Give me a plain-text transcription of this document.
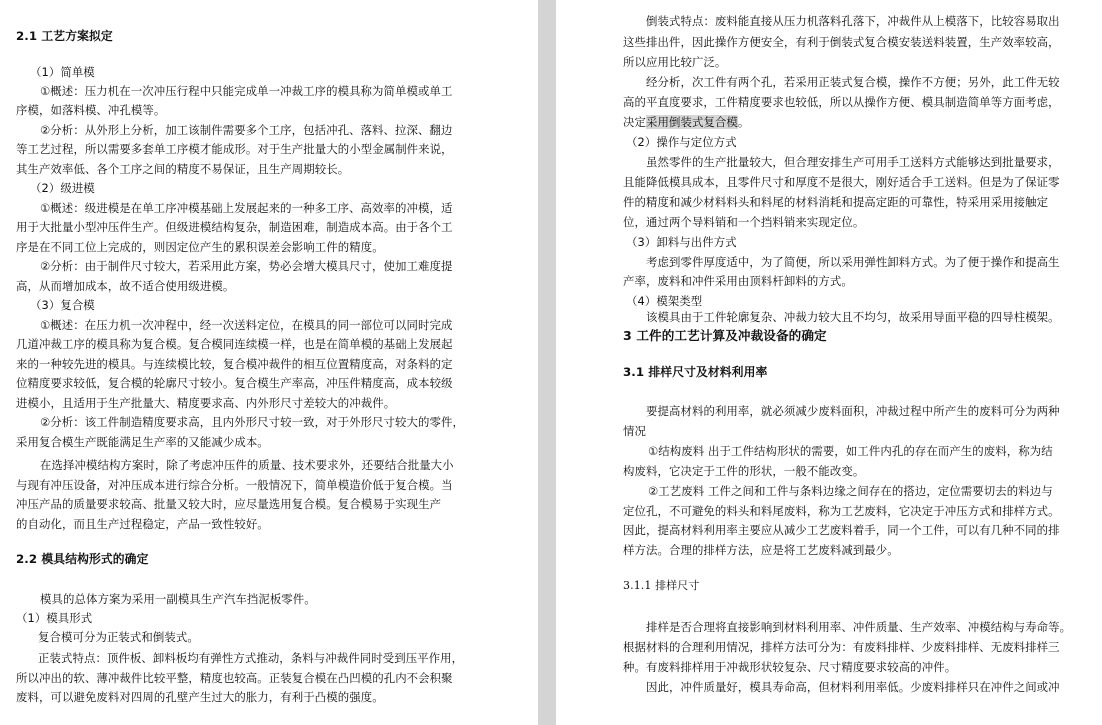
2.1 工艺方案拟定
（1）简单模
①概述：压力机在一次冲压行程中只能完成单一冲裁工序的模具称为简单模或单工
序模，如落料模、冲孔模等。
②分析：从外形上分析，加工该制件需要多个工序，包括冲孔、落料、拉深、翻边
等工艺过程，所以需要多套单工序模才能成形。对于生产批量大的小型金属制件来说，
其生产效率低、各个工序之间的精度不易保证，且生产周期较长。
（2）级进模
①概述：级进模是在单工序冲模基础上发展起来的一种多工序、高效率的冲模，适
用于大批量小型冲压件生产。但级进模结构复杂，制造困难，制造成本高。由于各个工
序是在不同工位上完成的，则因定位产生的累积误差会影响工件的精度。
②分析：由于制件尺寸较大，若采用此方案，势必会增大模具尺寸，使加工难度提
高，从而增加成本，故不适合使用级进模。
（3）复合模
①概述：在压力机一次冲程中，经一次送料定位，在模具的同一部位可以同时完成
几道冲裁工序的模具称为复合模。复合模同连续模一样，也是在简单模的基础上发展起
来的一种较先进的模具。与连续模比较，复合模冲裁件的相互位置精度高，对条料的定
位精度要求较低，复合模的轮廓尺寸较小。复合模生产率高，冲压件精度高，成本较级
进模小，且适用于生产批量大、精度要求高、内外形尺寸差较大的冲裁件。
②分析：该工件制造精度要求高，且内外形尺寸较一致，对于外形尺寸较大的零件，
采用复合模生产既能满足生产率的又能减少成本。
在选择冲模结构方案时，除了考虑冲压件的质量、技术要求外，还要结合批量大小
与现有冲压设备，对冲压成本进行综合分析。一般情况下，简单模造价低于复合模。当
冲压产品的质量要求较高、批量又较大时，应尽量选用复合模。复合模易于实现生产
的自动化，而且生产过程稳定，产品一致性较好。
2.2 模具结构形式的确定
模具的总体方案为采用一副模具生产汽车挡泥板零件。
（1）模具形式
复合模可分为正装式和倒装式。
正装式特点：顶件板、卸料板均有弹性方式推动，条料与冲裁件同时受到压平作用，
所以冲出的软、薄冲裁件比较平整，精度也较高。正装复合模在凸凹模的孔内不会积聚
废料，可以避免废料对四周的孔壁产生过大的胀力，有利于凸模的强度。
倒装式特点：废料能直接从压力机落料孔落下，冲裁件从上模落下，比较容易取出
这些排出件，因此操作方便安全，有利于倒装式复合模安装送料装置，生产效率较高，
所以应用比较广泛。
经分析，次工件有两个孔，若采用正装式复合模，操作不方便；另外，此工件无较
高的平直度要求，工件精度要求也较低，所以从操作方便、模具制造简单等方面考虑，
决定采用倒装式复合模。
（2）操作与定位方式
虽然零件的生产批量较大，但合理安排生产可用手工送料方式能够达到批量要求，
且能降低模具成本，且零件尺寸和厚度不是很大，刚好适合手工送料。但是为了保证零
件的精度和减少材料料头和料尾的材料消耗和提高定距的可靠性，特采用采用接触定
位，通过两个导料销和一个挡料销来实现定位。
（3）卸料与出件方式
考虑到零件厚度适中，为了简便，所以采用弹性卸料方式。为了便于操作和提高生
产率，废料和冲件采用由顶料杆卸料的方式。
（4）模架类型
该模具由于工件轮廓复杂、冲裁力较大且不均匀，故采用导面平稳的四导柱模架。
3 工件的工艺计算及冲裁设备的确定
3.1 排样尺寸及材料利用率
要提高材料的利用率，就必须减少废料面积，冲裁过程中所产生的废料可分为两种
情况
①结构废料 出于工件结构形状的需要，如工件内孔的存在而产生的废料，称为结
构废料，它决定于工件的形状，一般不能改变。
②工艺废料 工件之间和工件与条料边缘之间存在的搭边，定位需要切去的料边与
定位孔，不可避免的料头和料尾废料，称为工艺废料，它决定于冲压方式和排样方式。
因此，提高材料利用率主要应从减少工艺废料着手，同一个工件，可以有几种不同的排
样方法。合理的排样方法，应是将工艺废料减到最少。
3.1.1 排样尺寸
排样是否合理将直接影响到材料利用率、冲件质量、生产效率、冲模结构与寿命等。
根据材料的合理利用情况，排样方法可分为：有废料排样、少废料排样、无废料排样三
种。有废料排样用于冲裁形状较复杂、尺寸精度要求较高的冲件。
因此，冲件质量好，模具寿命高，但材料利用率低。少废料排样只在冲件之间或冲
